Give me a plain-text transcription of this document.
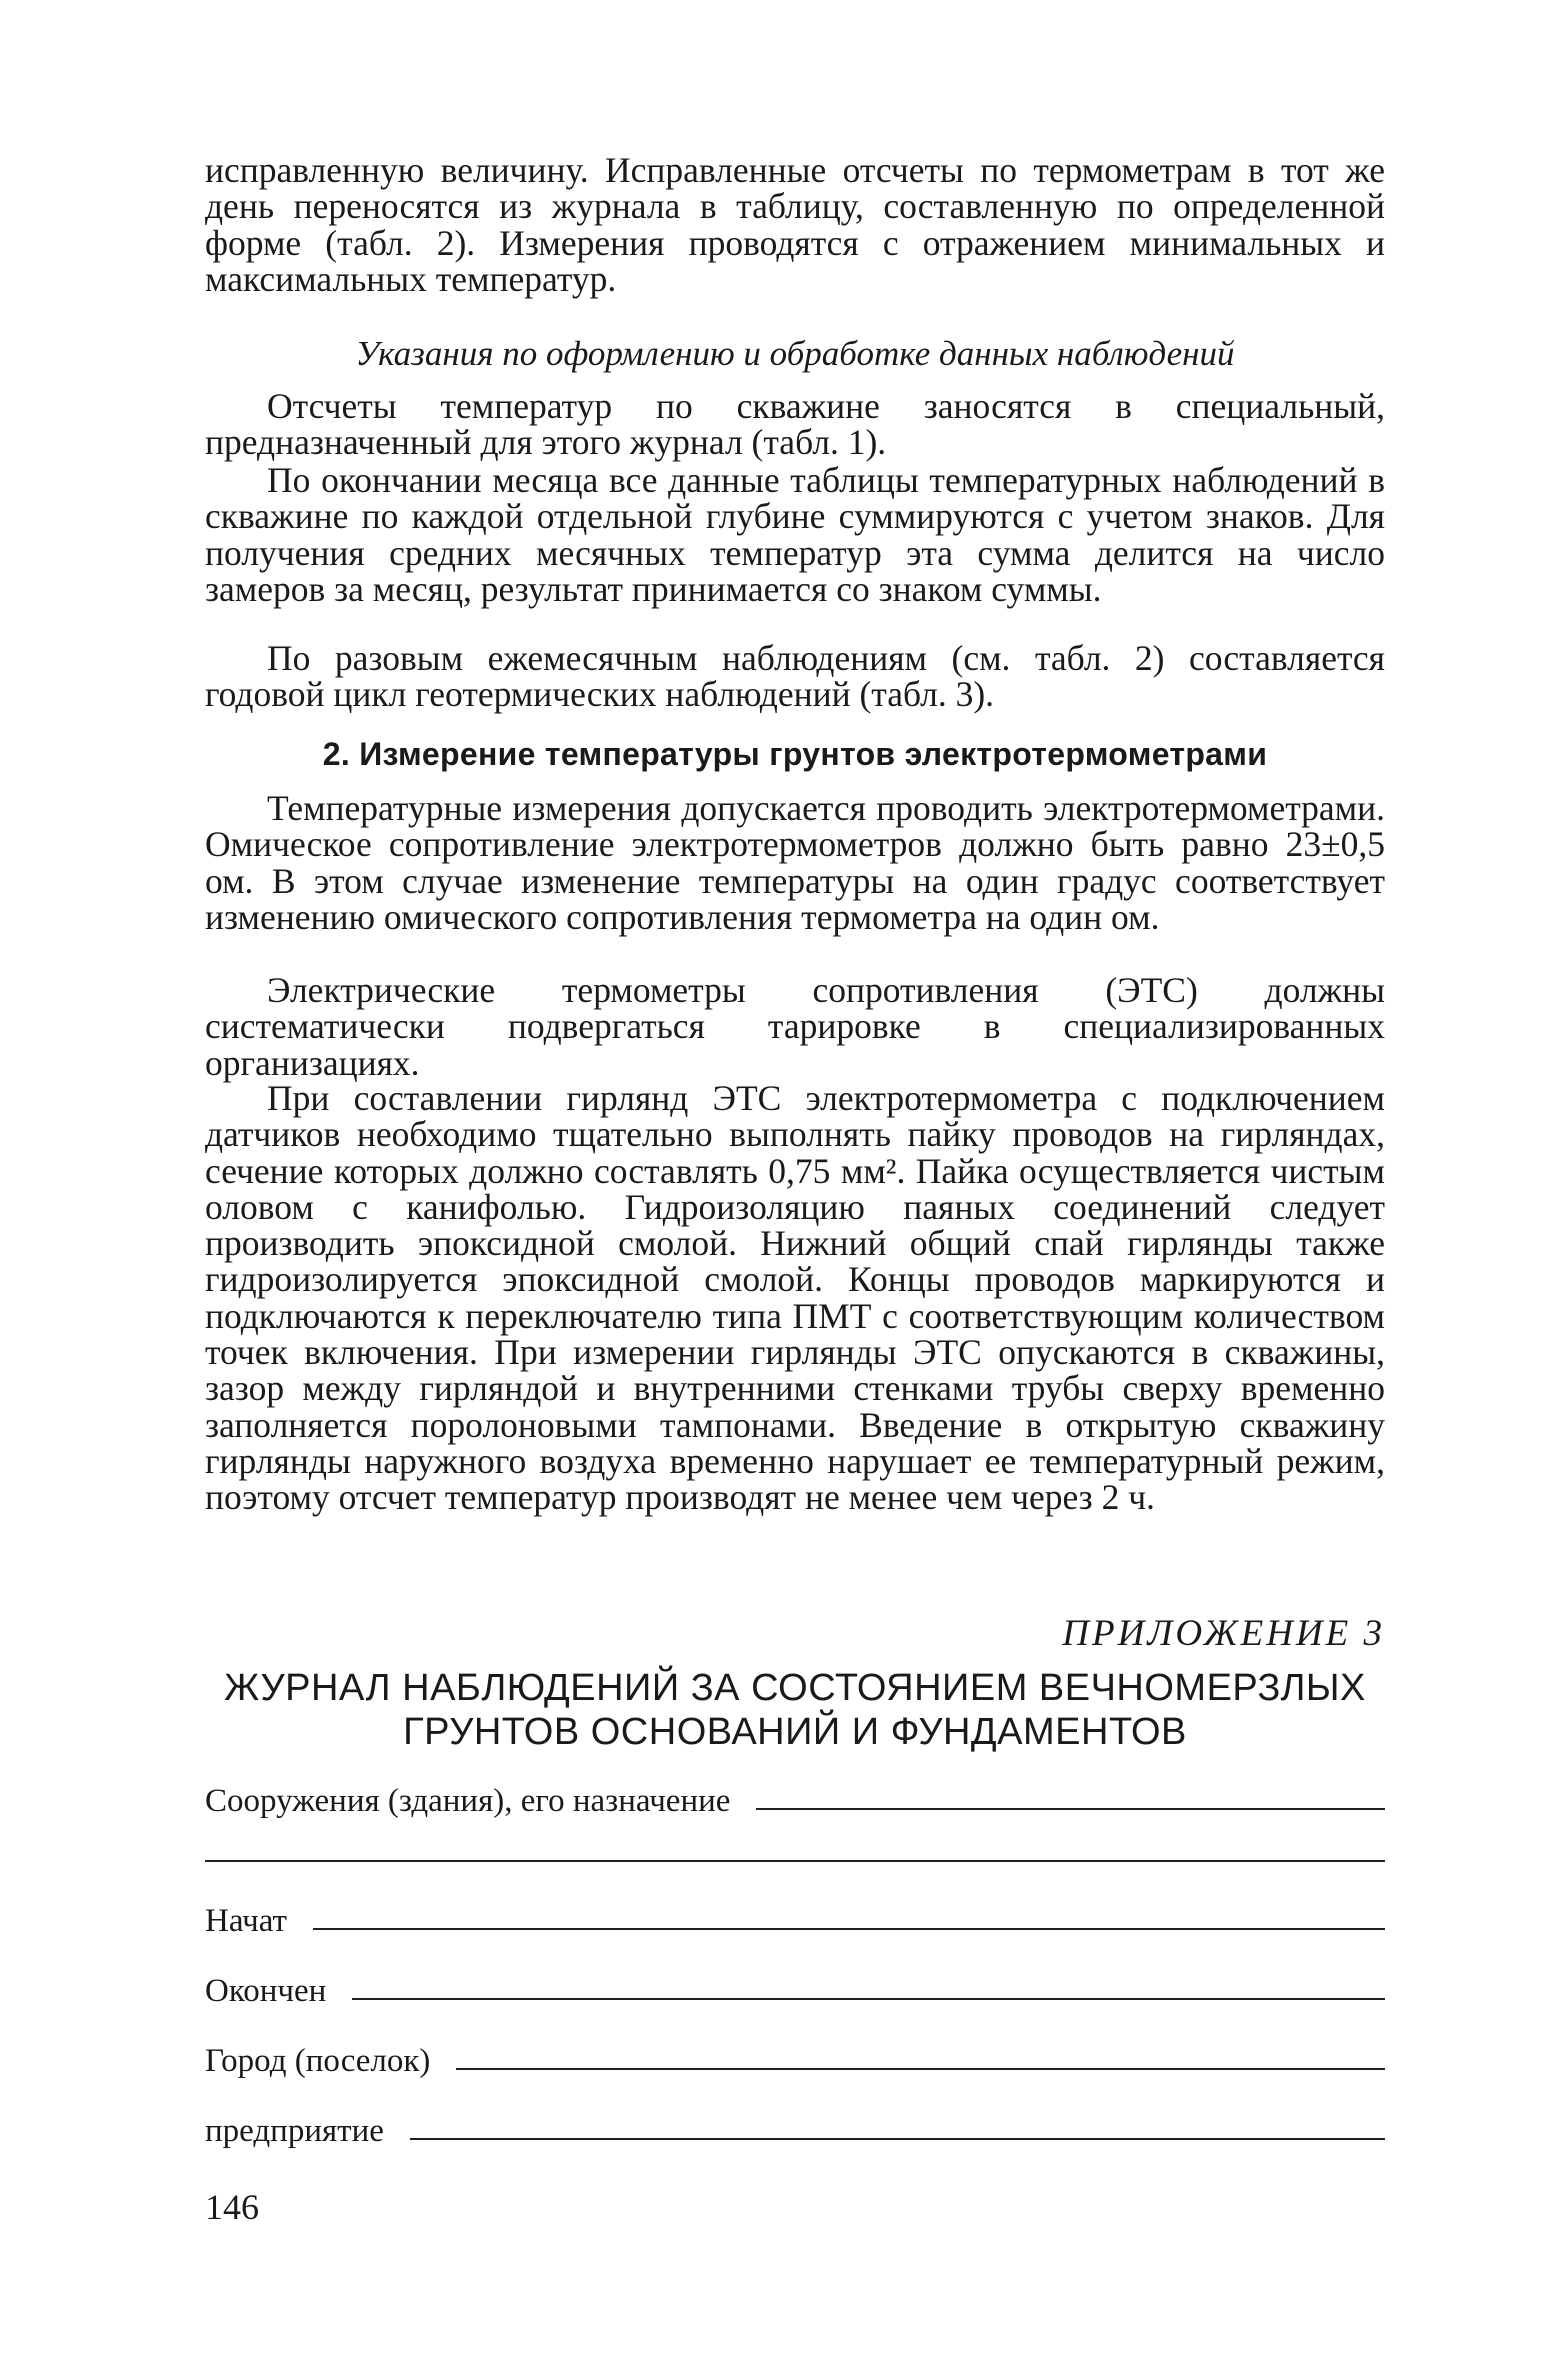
исправленную величину. Исправленные отсчеты по термометрам в тот же день переносятся из журнала в таблицу, составленную по определенной форме (табл. 2). Измерения проводятся с отражением минимальных и максимальных температур.

Указания по оформлению и обработке данных наблюдений

Отсчеты температур по скважине заносятся в специальный, предназначенный для этого журнал (табл. 1).

По окончании месяца все данные таблицы температурных наблюдений в скважине по каждой отдельной глубине суммируются с учетом знаков. Для получения средних месячных температур эта сумма делится на число замеров за месяц, результат принимается со знаком суммы.

По разовым ежемесячным наблюдениям (см. табл. 2) составляется годовой цикл геотермических наблюдений (табл. 3).

2. Измерение температуры грунтов электротермометрами

Температурные измерения допускается проводить электротермометрами. Омическое сопротивление электротермометров должно быть равно 23±0,5 ом. В этом случае изменение температуры на один градус соответствует изменению омического сопротивления термометра на один ом.

Электрические термометры сопротивления (ЭТС) должны систематически подвергаться тарировке в специализированных организациях.

При составлении гирлянд ЭТС электротермометра с подключением датчиков необходимо тщательно выполнять пайку проводов на гирляндах, сечение которых должно составлять 0,75 мм². Пайка осуществляется чистым оловом с канифолью. Гидроизоляцию паяных соединений следует производить эпоксидной смолой. Нижний общий спай гирлянды также гидроизолируется эпоксидной смолой. Концы проводов маркируются и подключаются к переключателю типа ПМТ с соответствующим количеством точек включения. При измерении гирлянды ЭТС опускаются в скважины, зазор между гирляндой и внутренними стенками трубы сверху временно заполняется поролоновыми тампонами. Введение в открытую скважину гирлянды наружного воздуха временно нарушает ее температурный режим, поэтому отсчет температур производят не менее чем через 2 ч.

ПРИЛОЖЕНИЕ 3

ЖУРНАЛ НАБЛЮДЕНИЙ ЗА СОСТОЯНИЕМ ВЕЧНОМЕРЗЛЫХ

ГРУНТОВ ОСНОВАНИЙ И ФУНДАМЕНТОВ

Сооружения (здания), его назначение
Начат
Окончен
Город (поселок)
предприятие
146
